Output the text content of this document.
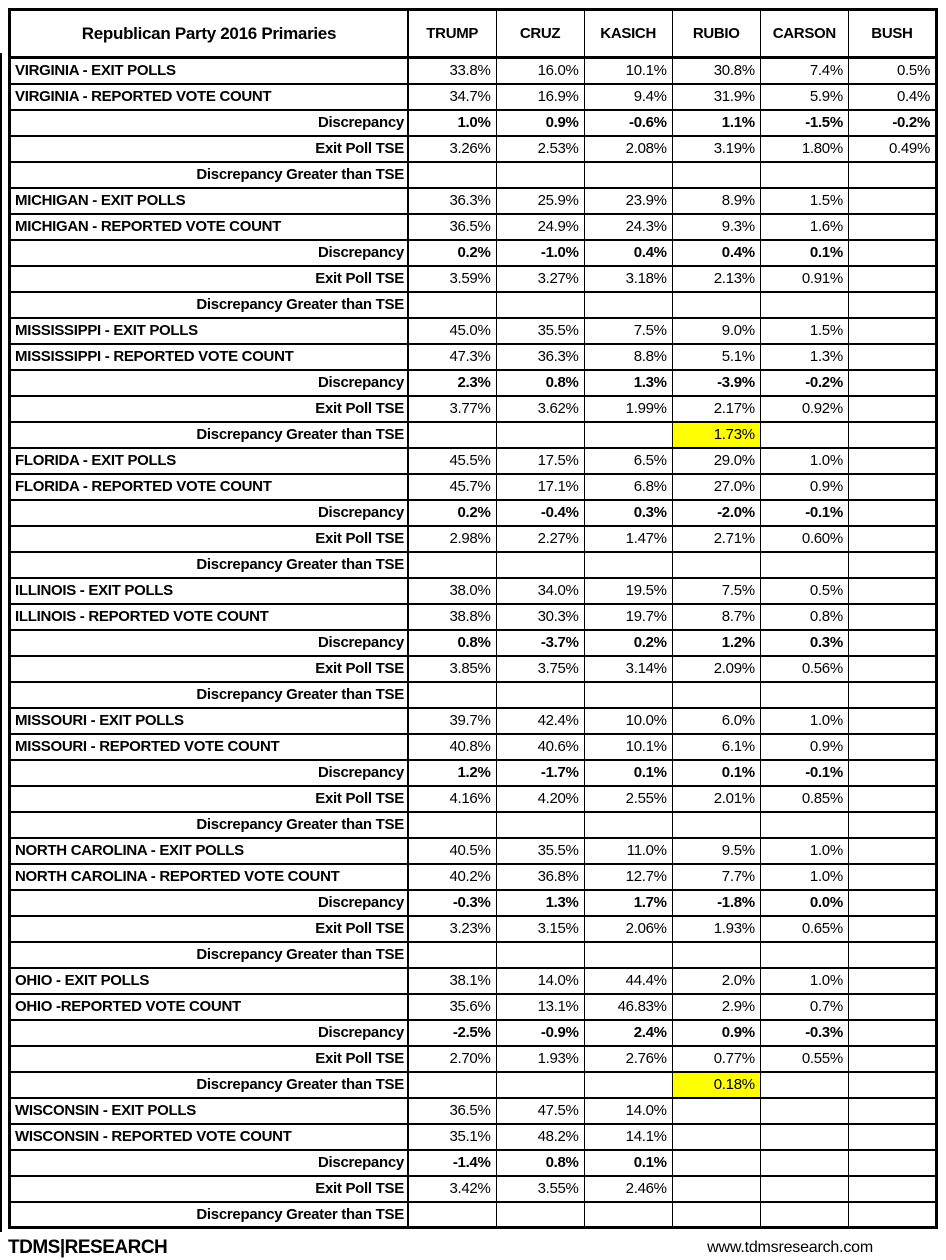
Republican Party 2016 Primaries	TRUMP	CRUZ	KASICH	RUBIO	CARSON	BUSH
VIRGINIA - EXIT POLLS	33.8%	16.0%	10.1%	30.8%	7.4%	0.5%
VIRGINIA - REPORTED VOTE COUNT	34.7%	16.9%	9.4%	31.9%	5.9%	0.4%
Discrepancy	1.0%	0.9%	-0.6%	1.1%	-1.5%	-0.2%
Exit Poll TSE	3.26%	2.53%	2.08%	3.19%	1.80%	0.49%
Discrepancy Greater than TSE						
MICHIGAN - EXIT POLLS	36.3%	25.9%	23.9%	8.9%	1.5%	
MICHIGAN - REPORTED VOTE COUNT	36.5%	24.9%	24.3%	9.3%	1.6%	
Discrepancy	0.2%	-1.0%	0.4%	0.4%	0.1%	
Exit Poll TSE	3.59%	3.27%	3.18%	2.13%	0.91%	
Discrepancy Greater than TSE						
MISSISSIPPI - EXIT POLLS	45.0%	35.5%	7.5%	9.0%	1.5%	
MISSISSIPPI - REPORTED VOTE COUNT	47.3%	36.3%	8.8%	5.1%	1.3%	
Discrepancy	2.3%	0.8%	1.3%	-3.9%	-0.2%	
Exit Poll TSE	3.77%	3.62%	1.99%	2.17%	0.92%	
Discrepancy Greater than TSE				1.73%		
FLORIDA - EXIT POLLS	45.5%	17.5%	6.5%	29.0%	1.0%	
FLORIDA - REPORTED VOTE COUNT	45.7%	17.1%	6.8%	27.0%	0.9%	
Discrepancy	0.2%	-0.4%	0.3%	-2.0%	-0.1%	
Exit Poll TSE	2.98%	2.27%	1.47%	2.71%	0.60%	
Discrepancy Greater than TSE						
ILLINOIS - EXIT POLLS	38.0%	34.0%	19.5%	7.5%	0.5%	
ILLINOIS - REPORTED VOTE COUNT	38.8%	30.3%	19.7%	8.7%	0.8%	
Discrepancy	0.8%	-3.7%	0.2%	1.2%	0.3%	
Exit Poll TSE	3.85%	3.75%	3.14%	2.09%	0.56%	
Discrepancy Greater than TSE						
MISSOURI - EXIT POLLS	39.7%	42.4%	10.0%	6.0%	1.0%	
MISSOURI - REPORTED VOTE COUNT	40.8%	40.6%	10.1%	6.1%	0.9%	
Discrepancy	1.2%	-1.7%	0.1%	0.1%	-0.1%	
Exit Poll TSE	4.16%	4.20%	2.55%	2.01%	0.85%	
Discrepancy Greater than TSE						
NORTH CAROLINA - EXIT POLLS	40.5%	35.5%	11.0%	9.5%	1.0%	
NORTH CAROLINA - REPORTED VOTE COUNT	40.2%	36.8%	12.7%	7.7%	1.0%	
Discrepancy	-0.3%	1.3%	1.7%	-1.8%	0.0%	
Exit Poll TSE	3.23%	3.15%	2.06%	1.93%	0.65%	
Discrepancy Greater than TSE						
OHIO - EXIT POLLS	38.1%	14.0%	44.4%	2.0%	1.0%	
OHIO -REPORTED VOTE COUNT	35.6%	13.1%	46.83%	2.9%	0.7%	
Discrepancy	-2.5%	-0.9%	2.4%	0.9%	-0.3%	
Exit Poll TSE	2.70%	1.93%	2.76%	0.77%	0.55%	
Discrepancy Greater than TSE				0.18%		
WISCONSIN - EXIT POLLS	36.5%	47.5%	14.0%			
WISCONSIN - REPORTED VOTE COUNT	35.1%	48.2%	14.1%			
Discrepancy	-1.4%	0.8%	0.1%			
Exit Poll TSE	3.42%	3.55%	2.46%			
Discrepancy Greater than TSE						
TDMS|RESEARCH	www.tdmsresearch.com
